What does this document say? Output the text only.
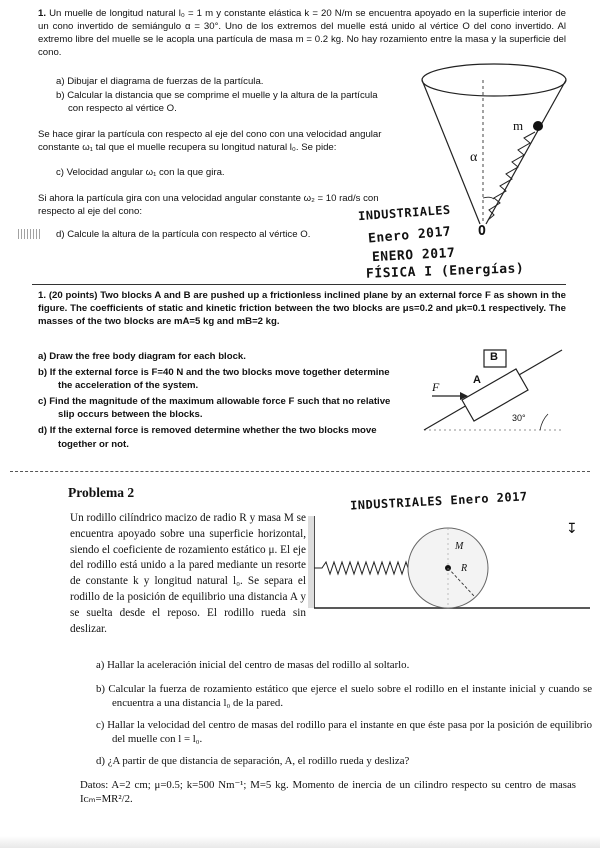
1. Un muelle de longitud natural l₀ = 1 m y constante elástica k = 20 N/m se encuentra apoyado en la superficie interior de un cono invertido de semiángulo α = 30°. Uno de los extremos del muelle está unido al vértice O del cono invertido. Al extremo libre del muelle se le acopla una partícula de masa m = 0.2 kg. No hay rozamiento entre la masa y la superficie del cono.
a) Dibujar el diagrama de fuerzas de la partícula.
b) Calcular la distancia que se comprime el muelle y la altura de la partícula con respecto al vértice O.
Se hace girar la partícula con respecto al eje del cono con una velocidad angular constante ω₁ tal que el muelle recupera su longitud natural l₀. Se pide:
c) Velocidad angular ω₁ con la que gira.
Si ahora la partícula gira con una velocidad angular constante ω₂ = 10 rad/s con respecto al eje del cono:
d) Calcule la altura de la partícula con respecto al vértice O.
m
α
O
INDUSTRIALES
Enero 2017
ENERO 2017
FÍSICA I (Energías)
1. (20 points) Two blocks A and B are pushed up a frictionless inclined plane by an external force F as shown in the figure. The coefficients of static and kinetic friction between the two blocks are μs=0.2 and μk=0.1 respectively. The masses of the two blocks are mA=5 kg and mB=2 kg.
a) Draw the free body diagram for each block.
b) If the external force is F=40 N and the two blocks move together determine the acceleration of the system.
c) Find the magnitude of the maximum allowable force F such that no relative slip occurs between the blocks.
d) If the external force is removed determine whether the two blocks move together or not.
A
B
F
30°
Problema 2	INDUSTRIALES Enero 2017
Un rodillo cilíndrico macizo de radio R y masa M se encuentra apoyado sobre una superficie horizontal, siendo el coeficiente de rozamiento estático μ. El eje del rodillo está unido a la pared mediante un resorte de constante k y longitud natural l₀. Se separa el rodillo de la posición de equilibrio una distancia A y se suelta desde el reposo. El rodillo rueda sin deslizar.
R
M
↧
a) Hallar la aceleración inicial del centro de masas del rodillo al soltarlo.
b) Calcular la fuerza de rozamiento estático que ejerce el suelo sobre el rodillo en el instante inicial y cuando se encuentra a una distancia l₀ de la pared.
c) Hallar la velocidad del centro de masas del rodillo para el instante en que éste pasa por la posición de equilibrio del muelle con l = l₀.
d) ¿A partir de que distancia de separación, A, el rodillo rueda y desliza?
Datos: A=2 cm; μ=0.5; k=500 Nm⁻¹; M=5 kg. Momento de inercia de un cilindro respecto su centro de masas Iᴄₘ=MR²/2.
